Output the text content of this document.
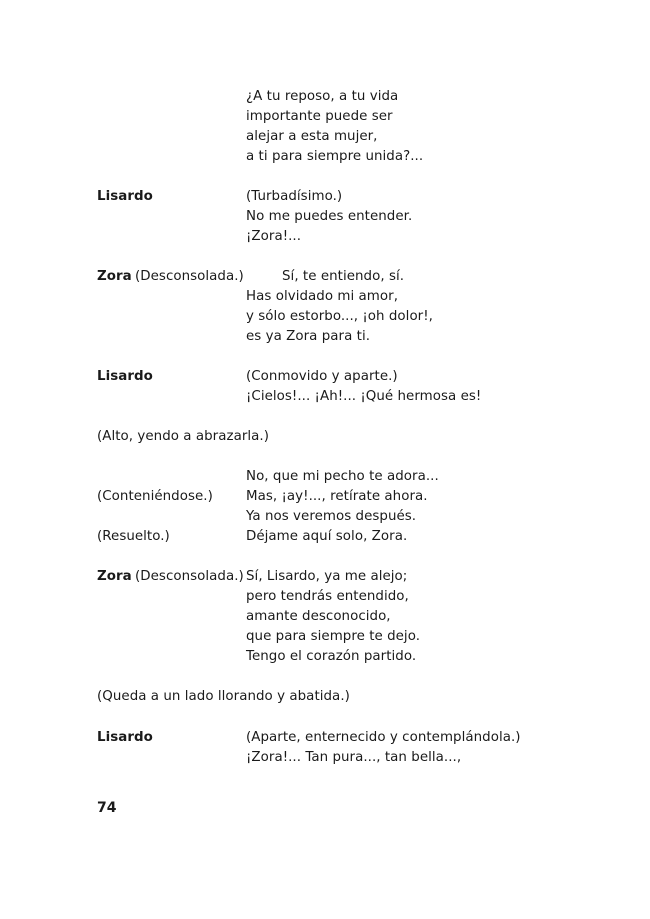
¿A tu reposo, a tu vida
importante puede ser
alejar a esta mujer,
a ti para siempre unida?...
Lisardo	(Turbadísimo.)
No me puedes entender.
¡Zora!...
Zora (Desconsolada.)	Sí, te entiendo, sí.
Has olvidado mi amor,
y sólo estorbo..., ¡oh dolor!,
es ya Zora para ti.
Lisardo	(Conmovido y aparte.)
¡Cielos!... ¡Ah!... ¡Qué hermosa es!
(Alto, yendo a abrazarla.)
No, que mi pecho te adora...
(Conteniéndose.) Mas, ¡ay!..., retírate ahora.
Ya nos veremos después.
(Resuelto.)	Déjame aquí solo, Zora.
Zora (Desconsolada.) Sí, Lisardo, ya me alejo;
pero tendrás entendido,
amante desconocido,
que para siempre te dejo.
Tengo el corazón partido.
(Queda a un lado llorando y abatida.)
Lisardo	(Aparte, enternecido y contemplándola.)
¡Zora!... Tan pura..., tan bella...,
74
